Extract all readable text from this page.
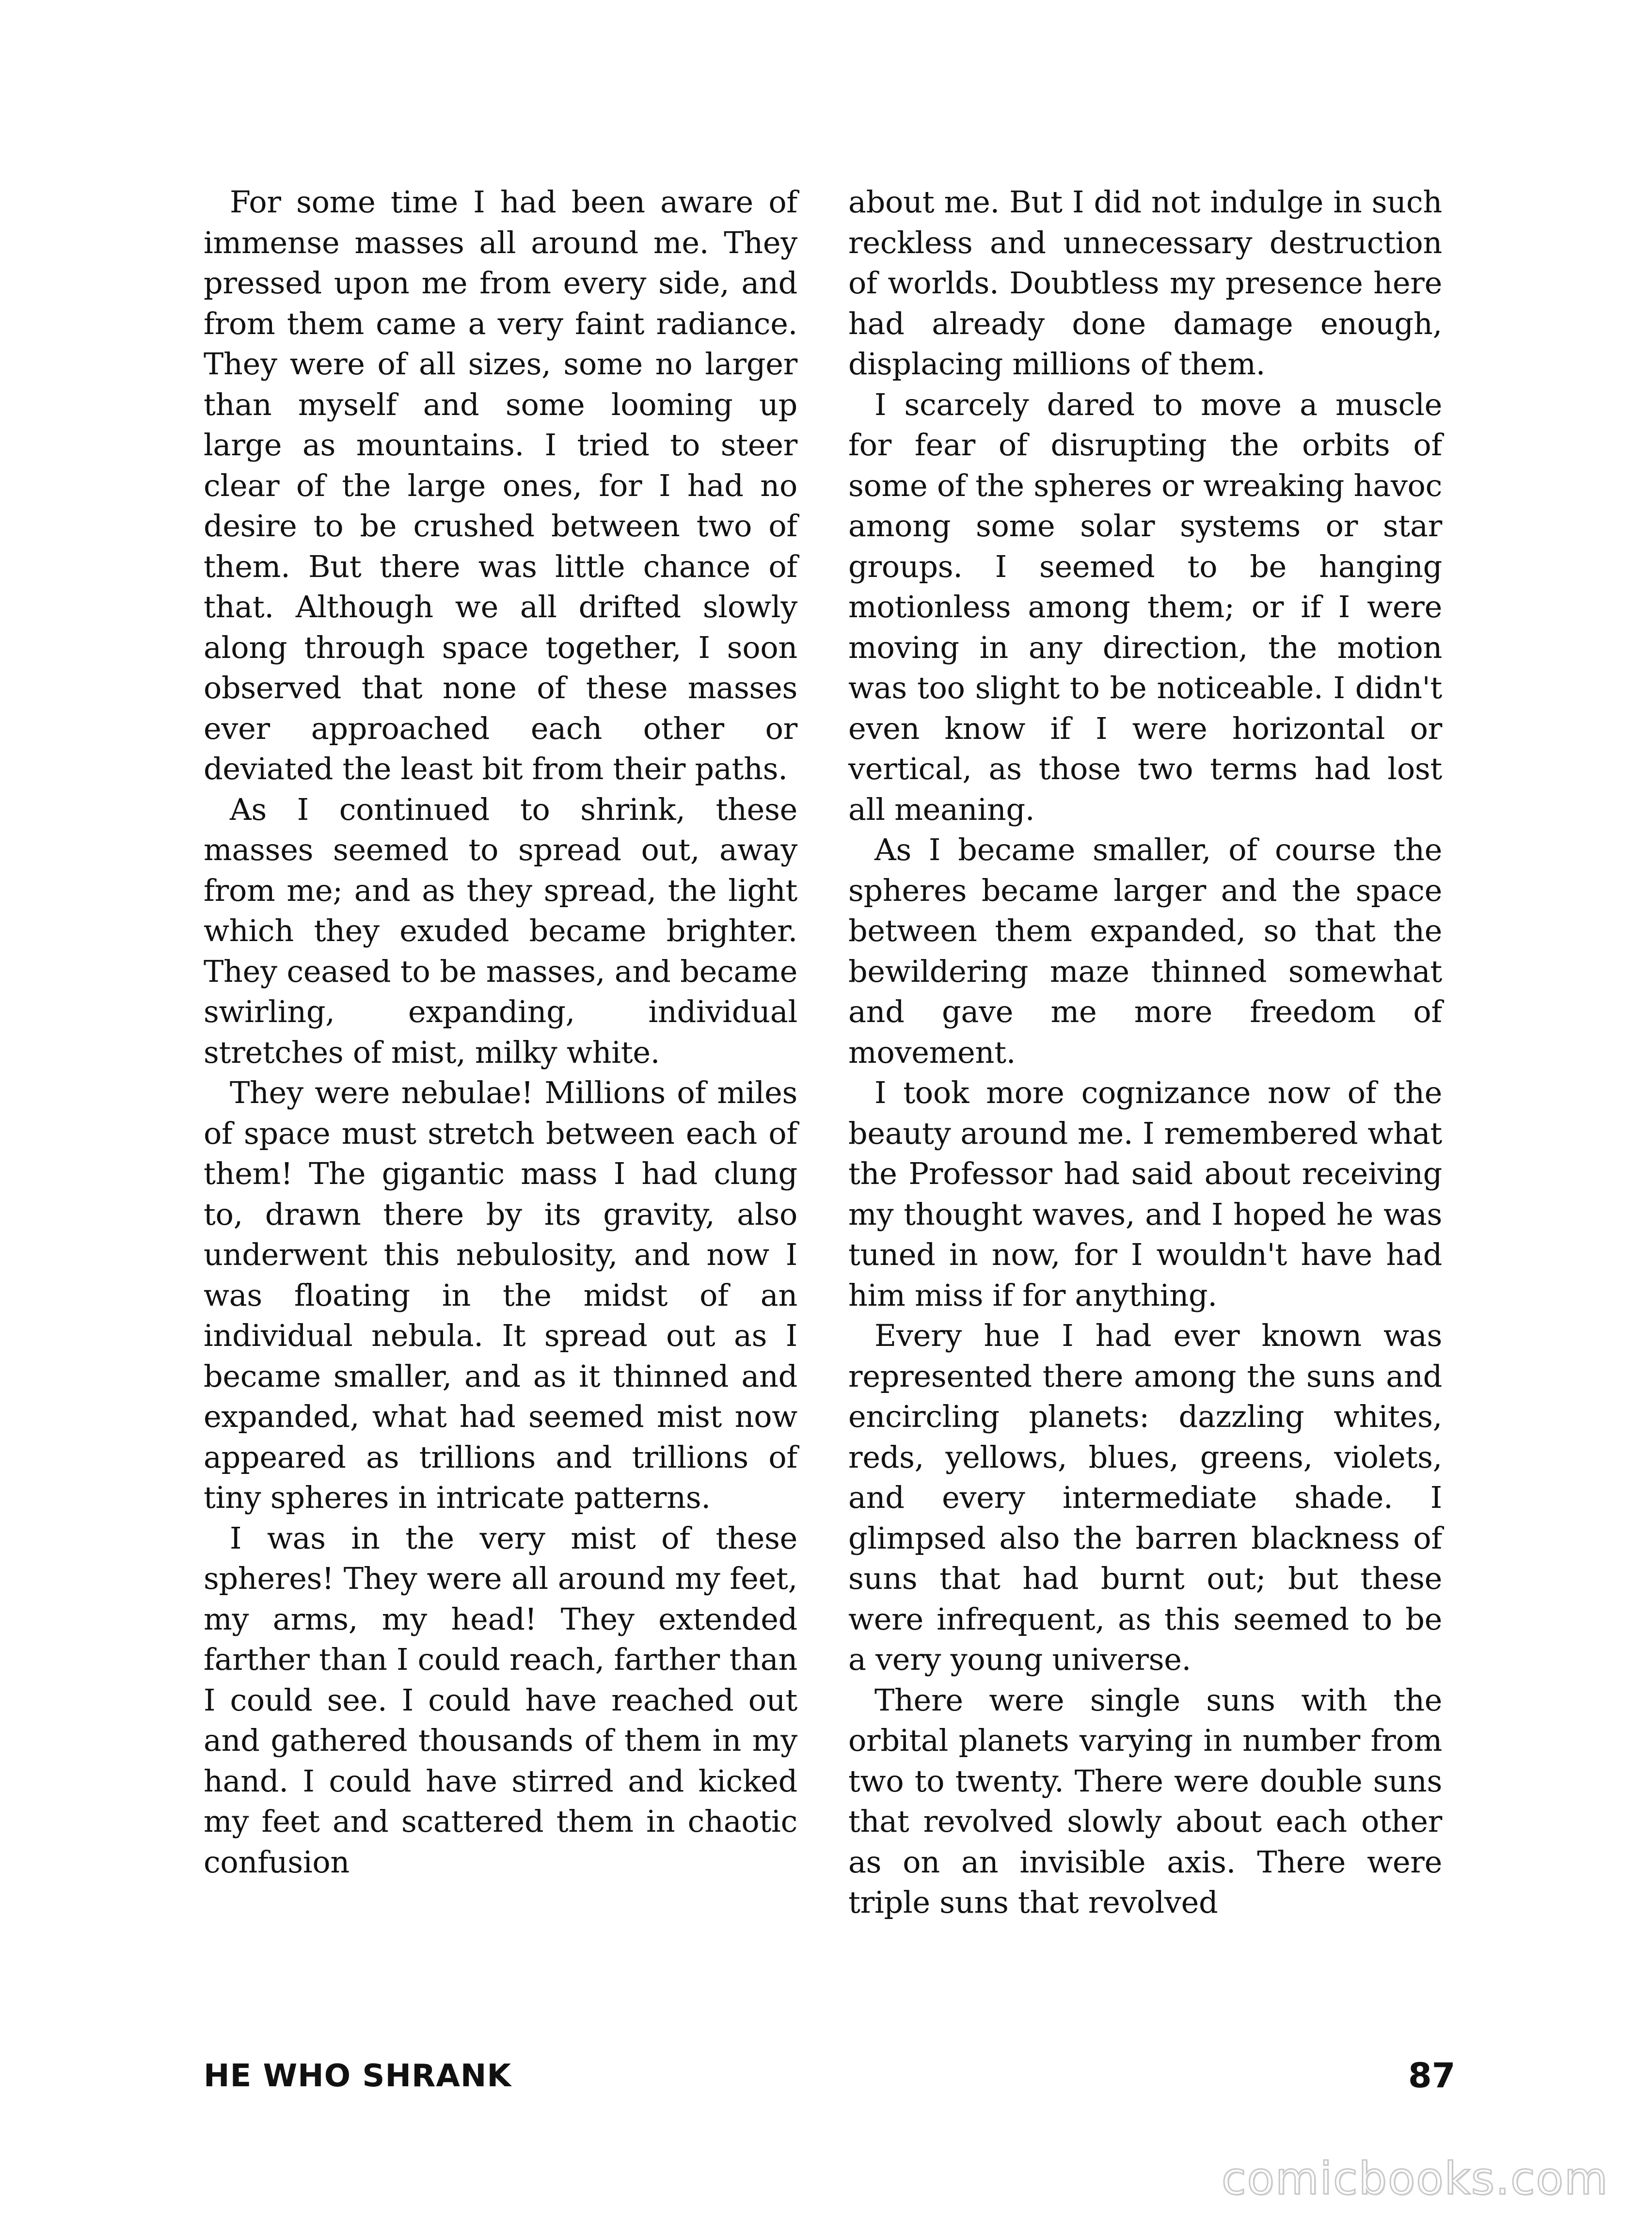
For some time I had been aware of immense masses all around me. They pressed upon me from every side, and from them came a very faint radiance. They were of all sizes, some no larger than myself and some looming up large as mountains. I tried to steer clear of the large ones, for I had no desire to be crushed between two of them. But there was little chance of that. Although we all drifted slowly along through space together, I soon observed that none of these masses ever approached each other or deviated the least bit from their paths.

As I continued to shrink, these masses seemed to spread out, away from me; and as they spread, the light which they exuded became brighter. They ceased to be masses, and became swirling, expanding, individual stretches of mist, milky white.

They were nebulae! Millions of miles of space must stretch between each of them! The gigantic mass I had clung to, drawn there by its gravity, also underwent this nebulosity, and now I was floating in the midst of an individual nebula. It spread out as I became smaller, and as it thinned and expanded, what had seemed mist now appeared as trillions and trillions of tiny spheres in intricate patterns.

I was in the very mist of these spheres! They were all around my feet, my arms, my head! They extended farther than I could reach, farther than I could see. I could have reached out and gathered thousands of them in my hand. I could have stirred and kicked my feet and scattered them in chaotic confusion

about me. But I did not indulge in such reckless and unnecessary destruction of worlds. Doubtless my presence here had already done damage enough, displacing millions of them.

I scarcely dared to move a muscle for fear of disrupting the orbits of some of the spheres or wreaking havoc among some solar systems or star groups. I seemed to be hanging motionless among them; or if I were moving in any direction, the motion was too slight to be noticeable. I didn't even know if I were horizontal or vertical, as those two terms had lost all meaning.

As I became smaller, of course the spheres became larger and the space between them expanded, so that the bewildering maze thinned somewhat and gave me more freedom of movement.

I took more cognizance now of the beauty around me. I remembered what the Professor had said about receiving my thought waves, and I hoped he was tuned in now, for I wouldn't have had him miss if for anything.

Every hue I had ever known was represented there among the suns and encircling planets: dazzling whites, reds, yellows, blues, greens, violets, and every intermediate shade. I glimpsed also the barren blackness of suns that had burnt out; but these were infrequent, as this seemed to be a very young universe.

There were single suns with the orbital planets varying in number from two to twenty. There were double suns that revolved slowly about each other as on an invisible axis. There were triple suns that revolved

HE WHO SHRANK	87
comicbooks.com
